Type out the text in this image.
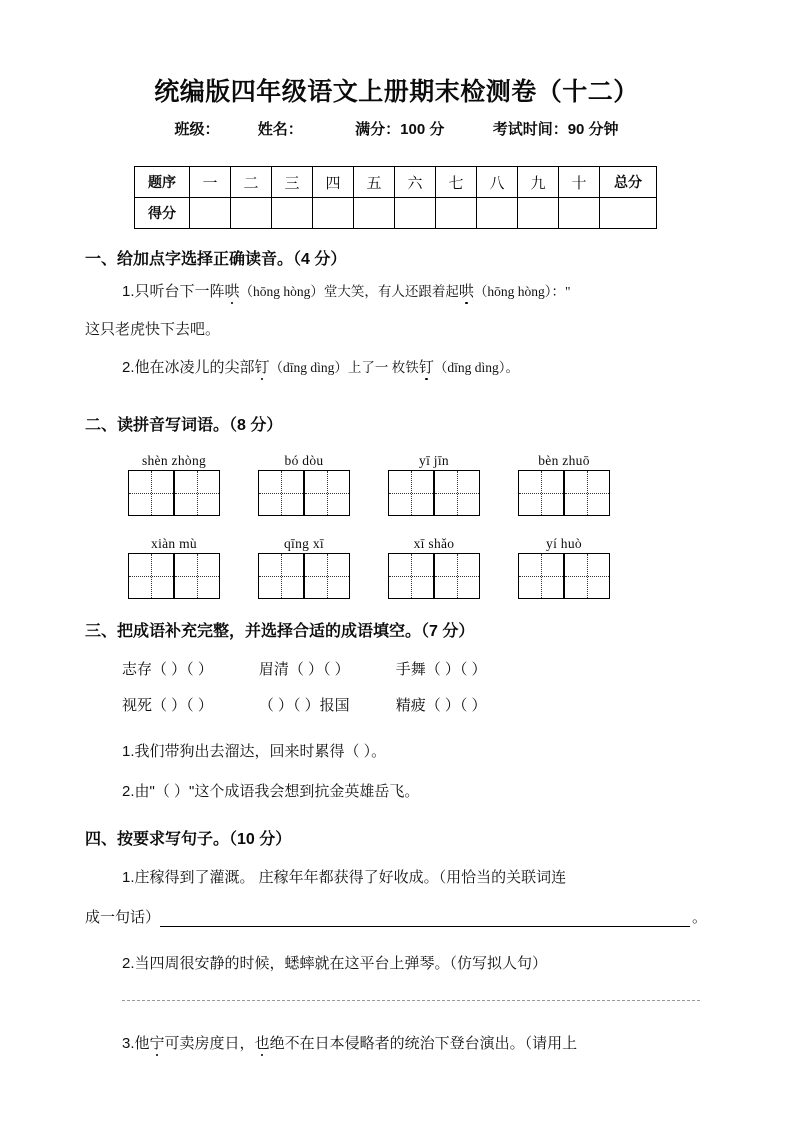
统编版四年级语文上册期末检测卷（十二）
班级：	姓名：	满分：100 分	考试时间：90 分钟
题序	一	二	三	四	五	六	七	八	九	十	总分
得分											
一、给加点字选择正确读音。（4 分）
1.只听台下一阵哄（hōng hòng）堂大笑，有人还跟着起哄（hōng hòng）："
这只老虎快下去吧。
2.他在冰凌儿的尖部钉（dīng dìng）上了一 枚铁钉（dīng dìng）。
二、读拼音写词语。（8 分）
shèn zhòng	bó dòu	yī jīn	bèn zhuō
xiàn mù	qīng xī	xī shǎo	yí huò
三、把成语补充完整，并选择合适的成语填空。（7 分）
志存（ ）（ ）	眉清（ ）（ ）	手舞（ ）（ ）
视死（ ）（ ）	（ ）（ ）报国	精疲（ ）（ ）
1.我们带狗出去溜达，回来时累得（ ）。
2.由"（ ）"这个成语我会想到抗金英雄岳飞。
四、按要求写句子。（10 分）
1.庄稼得到了灌溉。 庄稼年年都获得了好收成。（用恰当的关联词连
成一句话）	。
2.当四周很安静的时候，蟋蟀就在这平台上弹琴。（仿写拟人句）
3.他宁可卖房度日，也绝不在日本侵略者的统治下登台演出。（请用上
